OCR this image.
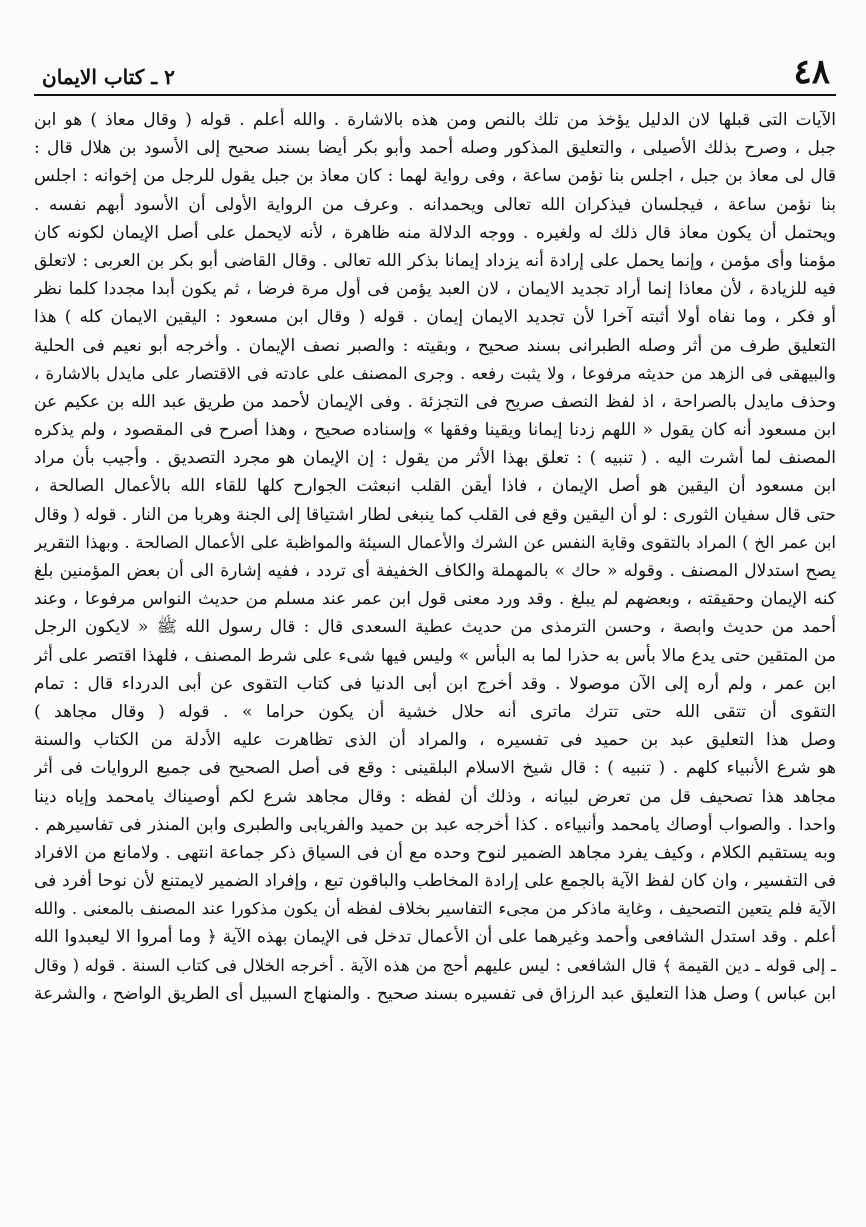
٤٨
٢ ـ كتاب الايمان
الآيات التى قبلها لان الدليل يؤخذ من تلك بالنص ومن هذه بالاشارة . والله أعلم . قوله ( وقال معاذ ) هو ابن
جبل ، وصرح بذلك الأصيلى ، والتعليق المذكور وصله أحمد وأبو بكر أيضا بسند صحيح إلى الأسود بن هلال قال :
قال لى معاذ بن جبل ، اجلس بنا نؤمن ساعة ، وفى رواية لهما : كان معاذ بن جبل يقول للرجل من إخوانه : اجلس
بنا نؤمن ساعة ، فيجلسان فيذكران الله تعالى ويحمدانه . وعرف من الرواية الأولى أن الأسود أبهم نفسه .
ويحتمل أن يكون معاذ قال ذلك له ولغيره . ووجه الدلالة منه ظاهرة ، لأنه لايحمل على أصل الإيمان لكونه كان
مؤمنا وأى مؤمن ، وإنما يحمل على إرادة أنه يزداد إيمانا بذكر الله تعالى . وقال القاضى أبو بكر بن العربى : لاتعلق
فيه للزيادة ، لأن معاذا إنما أراد تجديد الايمان ، لان العبد يؤمن فى أول مرة فرضا ، ثم يكون أبدا مجددا كلما نظر
أو فكر ، وما نفاه أولا أثبته آخرا لأن تجديد الايمان إيمان . قوله ( وقال ابن مسعود : اليقين الايمان كله ) هذا
التعليق طرف من أثر وصله الطبرانى بسند صحيح ، وبقيته : والصبر نصف الإيمان . وأخرجه أبو نعيم فى الحلية
والبيهقى فى الزهد من حديثه مرفوعا ، ولا يثبت رفعه . وجرى المصنف على عادته فى الاقتصار على مايدل بالاشارة ،
وحذف مايدل بالصراحة ، اذ لفظ النصف صريح فى التجزئة . وفى الإيمان لأحمد من طريق عبد الله بن عكيم عن
ابن مسعود أنه كان يقول « اللهم زدنا إيمانا ويقينا وفقها » وإسناده صحيح ، وهذا أصرح فى المقصود ، ولم يذكره
المصنف لما أشرت اليه . ( تنبيه ) : تعلق بهذا الأثر من يقول : إن الإيمان هو مجرد التصديق . وأجيب بأن مراد
ابن مسعود أن اليقين هو أصل الإيمان ، فاذا أيقن القلب انبعثت الجوارح كلها للقاء الله بالأعمال الصالحة ،
حتى قال سفيان الثورى : لو أن اليقين وقع فى القلب كما ينبغى لطار اشتياقا إلى الجنة وهربا من النار . قوله ( وقال
ابن عمر الخ ) المراد بالتقوى وقاية النفس عن الشرك والأعمال السيئة والمواظبة على الأعمال الصالحة . وبهذا التقرير
يصح استدلال المصنف . وقوله « حاك » بالمهملة والكاف الخفيفة أى تردد ، ففيه إشارة الى أن بعض المؤمنين بلغ
كنه الإيمان وحقيقته ، وبعضهم لم يبلغ . وقد ورد معنى قول ابن عمر عند مسلم من حديث النواس مرفوعا ، وعند
أحمد من حديث وابصة ، وحسن الترمذى من حديث عطية السعدى قال : قال رسول الله ﷺ « لايكون الرجل
من المتقين حتى يدع مالا بأس به حذرا لما به البأس » وليس فيها شىء على شرط المصنف ، فلهذا اقتصر على أثر
ابن عمر ، ولم أره إلى الآن موصولا . وقد أخرج ابن أبى الدنيا فى كتاب التقوى عن أبى الدرداء قال : تمام
التقوى أن تتقى الله حتى تترك ماترى أنه حلال خشية أن يكون حراما » . قوله ( وقال مجاهد )
وصل هذا التعليق عبد بن حميد فى تفسيره ، والمراد أن الذى تظاهرت عليه الأدلة من الكتاب والسنة
هو شرع الأنبياء كلهم . ( تنبيه ) : قال شيخ الاسلام البلقينى : وقع فى أصل الصحيح فى جميع الروايات فى أثر
مجاهد هذا تصحيف قل من تعرض لبيانه ، وذلك أن لفظه : وقال مجاهد شرع لكم أوصيناك يامحمد وإياه دينا
واحدا . والصواب أوصاك يامحمد وأنبياءه . كذا أخرجه عبد بن حميد والفريابى والطبرى وابن المنذر فى تفاسيرهم .
وبه يستقيم الكلام ، وكيف يفرد مجاهد الضمير لنوح وحده مع أن فى السياق ذكر جماعة انتهى . ولامانع من الافراد
فى التفسير ، وان كان لفظ الآية بالجمع على إرادة المخاطب والباقون تبع ، وإفراد الضمير لايمتنع لأن نوحا أفرد فى
الآية فلم يتعين التصحيف ، وغاية ماذكر من مجىء التفاسير بخلاف لفظه أن يكون مذكورا عند المصنف بالمعنى . والله
أعلم . وقد استدل الشافعى وأحمد وغيرهما على أن الأعمال تدخل فى الإيمان بهذه الآية ﴿ وما أمروا الا ليعبدوا الله
ـ إلى قوله ـ دين القيمة ﴾ قال الشافعى : ليس عليهم أحج من هذه الآية . أخرجه الخلال فى كتاب السنة . قوله ( وقال
ابن عباس ) وصل هذا التعليق عبد الرزاق فى تفسيره بسند صحيح . والمنهاج السبيل أى الطريق الواضح ، والشرعة
